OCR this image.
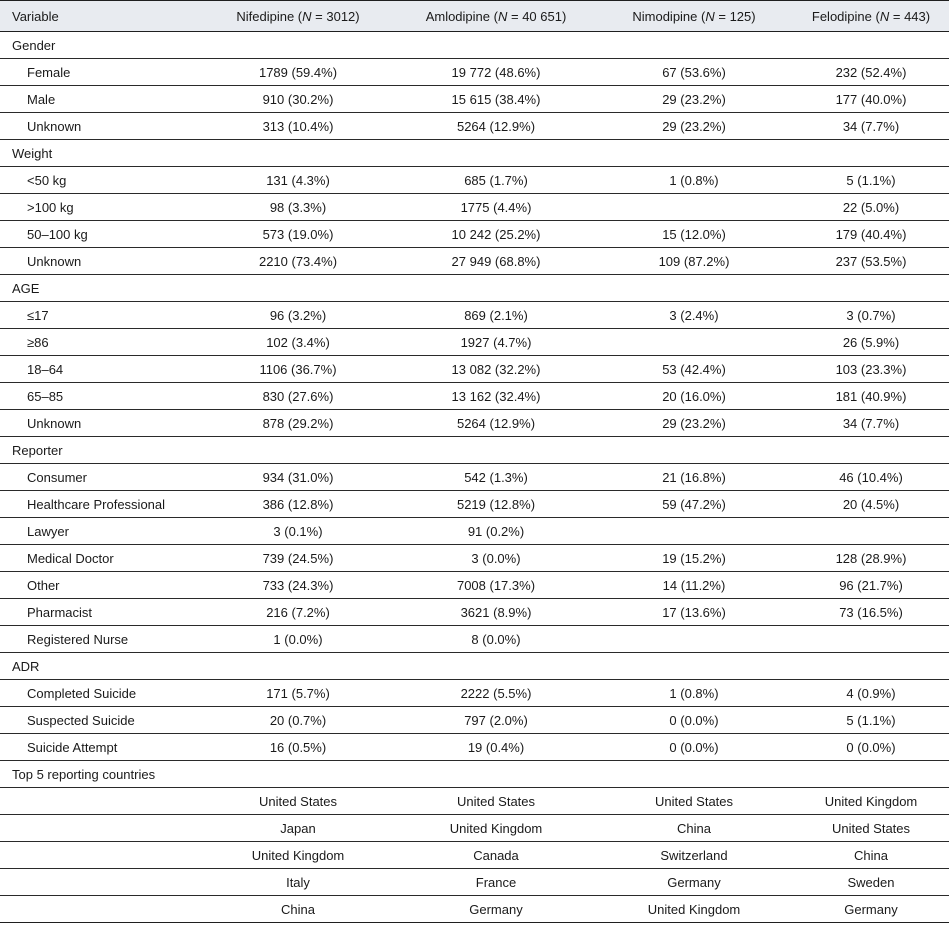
Variable	Nifedipine (N = 3012)	Amlodipine (N = 40 651)	Nimodipine (N = 125)	Felodipine (N = 443)
Gender				
Female	1789 (59.4%)	19 772 (48.6%)	67 (53.6%)	232 (52.4%)
Male	910 (30.2%)	15 615 (38.4%)	29 (23.2%)	177 (40.0%)
Unknown	313 (10.4%)	5264 (12.9%)	29 (23.2%)	34 (7.7%)
Weight				
<50 kg	131 (4.3%)	685 (1.7%)	1 (0.8%)	5 (1.1%)
>100 kg	98 (3.3%)	1775 (4.4%)		22 (5.0%)
50–100 kg	573 (19.0%)	10 242 (25.2%)	15 (12.0%)	179 (40.4%)
Unknown	2210 (73.4%)	27 949 (68.8%)	109 (87.2%)	237 (53.5%)
AGE				
≤17	96 (3.2%)	869 (2.1%)	3 (2.4%)	3 (0.7%)
≥86	102 (3.4%)	1927 (4.7%)		26 (5.9%)
18–64	1106 (36.7%)	13 082 (32.2%)	53 (42.4%)	103 (23.3%)
65–85	830 (27.6%)	13 162 (32.4%)	20 (16.0%)	181 (40.9%)
Unknown	878 (29.2%)	5264 (12.9%)	29 (23.2%)	34 (7.7%)
Reporter				
Consumer	934 (31.0%)	542 (1.3%)	21 (16.8%)	46 (10.4%)
Healthcare Professional	386 (12.8%)	5219 (12.8%)	59 (47.2%)	20 (4.5%)
Lawyer	3 (0.1%)	91 (0.2%)		
Medical Doctor	739 (24.5%)	3 (0.0%)	19 (15.2%)	128 (28.9%)
Other	733 (24.3%)	7008 (17.3%)	14 (11.2%)	96 (21.7%)
Pharmacist	216 (7.2%)	3621 (8.9%)	17 (13.6%)	73 (16.5%)
Registered Nurse	1 (0.0%)	8 (0.0%)		
ADR				
Completed Suicide	171 (5.7%)	2222 (5.5%)	1 (0.8%)	4 (0.9%)
Suspected Suicide	20 (0.7%)	797 (2.0%)	0 (0.0%)	5 (1.1%)
Suicide Attempt	16 (0.5%)	19 (0.4%)	0 (0.0%)	0 (0.0%)
Top 5 reporting countries				
	United States	United States	United States	United Kingdom
	Japan	United Kingdom	China	United States
	United Kingdom	Canada	Switzerland	China
	Italy	France	Germany	Sweden
	China	Germany	United Kingdom	Germany
